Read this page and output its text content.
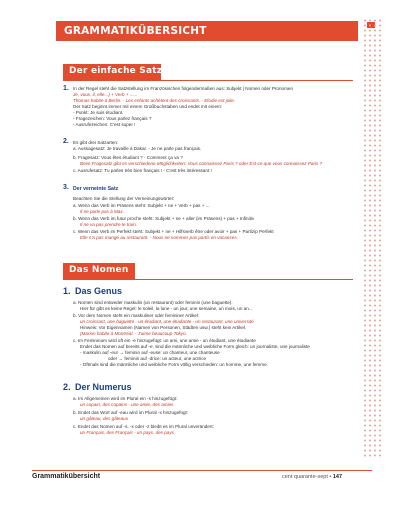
GRAMMATIKÜBERSICHT
Der einfache Satz
1. In der Regel steht die Satzstellung im Französischen folgendermaßen aus: Subjekt | Nomen oder Pronomen
Je, vous, il, elle...) + Verb + ......
Thomas habite à Berlin. - Les enfants achètent des croissants. - Elodie est jolie.
Der Satz beginnt immer mit einem Großbuchstaben und endet mit einem:
- Punkt: Je suis étudiant.
- Fragezeichen: Vous parlez français ?
- Ausrufezeichen: C'est super !
2. Es gibt drei Satzarten:
a. Aussagesatz: Je travaille à Dakar. - Je ne parle pas français.
b. Fragesatz: Vous êtes étudiant ? - Comment ça va ?
Beim Fragesatz gibt es verschiedene Möglichkeiten: Vous connaissez Paris ? oder Est-ce que vous connaissez Paris ?
c. Ausrufesatz: Tu parles très bien français ! - C'est très intéressant !
3. Der verneinte Satz
Beachten Sie die Stellung der Verneinungswörter:
a. Wenn das Verb im Präsens steht: Subjekt + ne + Verb + pas + ...
Il ne parle pas à Max.
b. Wenn das Verb im futur proche steht: Subjekt + ne + aller (im Präsens) + pas + Infinitiv
Il ne va pas prendre le train.
c. Wenn das Verb im Perfekt steht: Subjekt + ne + Hilfsverb être oder avoir + pas + Partizip Perfekt
Elle n'a pas mangé au restaurant. - Nous ne sommes pas partis en vacances.
Das Nomen
1. Das Genus
a. Nomen sind entweder maskulin (un restaurant) oder feminin (une baguette).
Hier für gibt es keine Regel: le soleil, la lune - un jour, une semaine, un mois, un an...
b. Vor dem Nomen steht ein maskuliner oder femininer Artikel:
un croissant, une baguette - un étudiant, une étudiante - un restaurant, une université
Hinweis: Vor Eigennamen (Namen von Personen, Städten usw.) steht kein Artikel.
(Marion habite à Montréal. - J'aime beaucoup Tokyo.
c. Im Femininum wird oft ein -e hinzugefügt: un ami, une amie - un étudiant, une étudiante
Endet das Nomen auf bereits auf -e, sind die männliche und weibliche Form gleich: un journaliste, une journaliste
- maskulin auf -eur → feminin auf -euse: un chanteur, une chanteuse
oder → feminin auf -drice: un acteur, une actrice
- Oftmals sind die männliche und weibliche Form völlig verschieden: un homme, une femme.
2. Der Numerus
a. Im Allgemeinen wird im Plural ein -s hinzugefügt:
un copain, des copains - une amie, des amies
b. Endet das Wort auf -eau wird im Plural -x hinzugefügt:
un gâteau, des gâteaux
c. Endet das Nomen auf -s, -x oder -z bleibt es im Plural unverändert:
un Français, des Français - un pays, des pays
Grammatikübersicht	cent quarante-sept • 147
